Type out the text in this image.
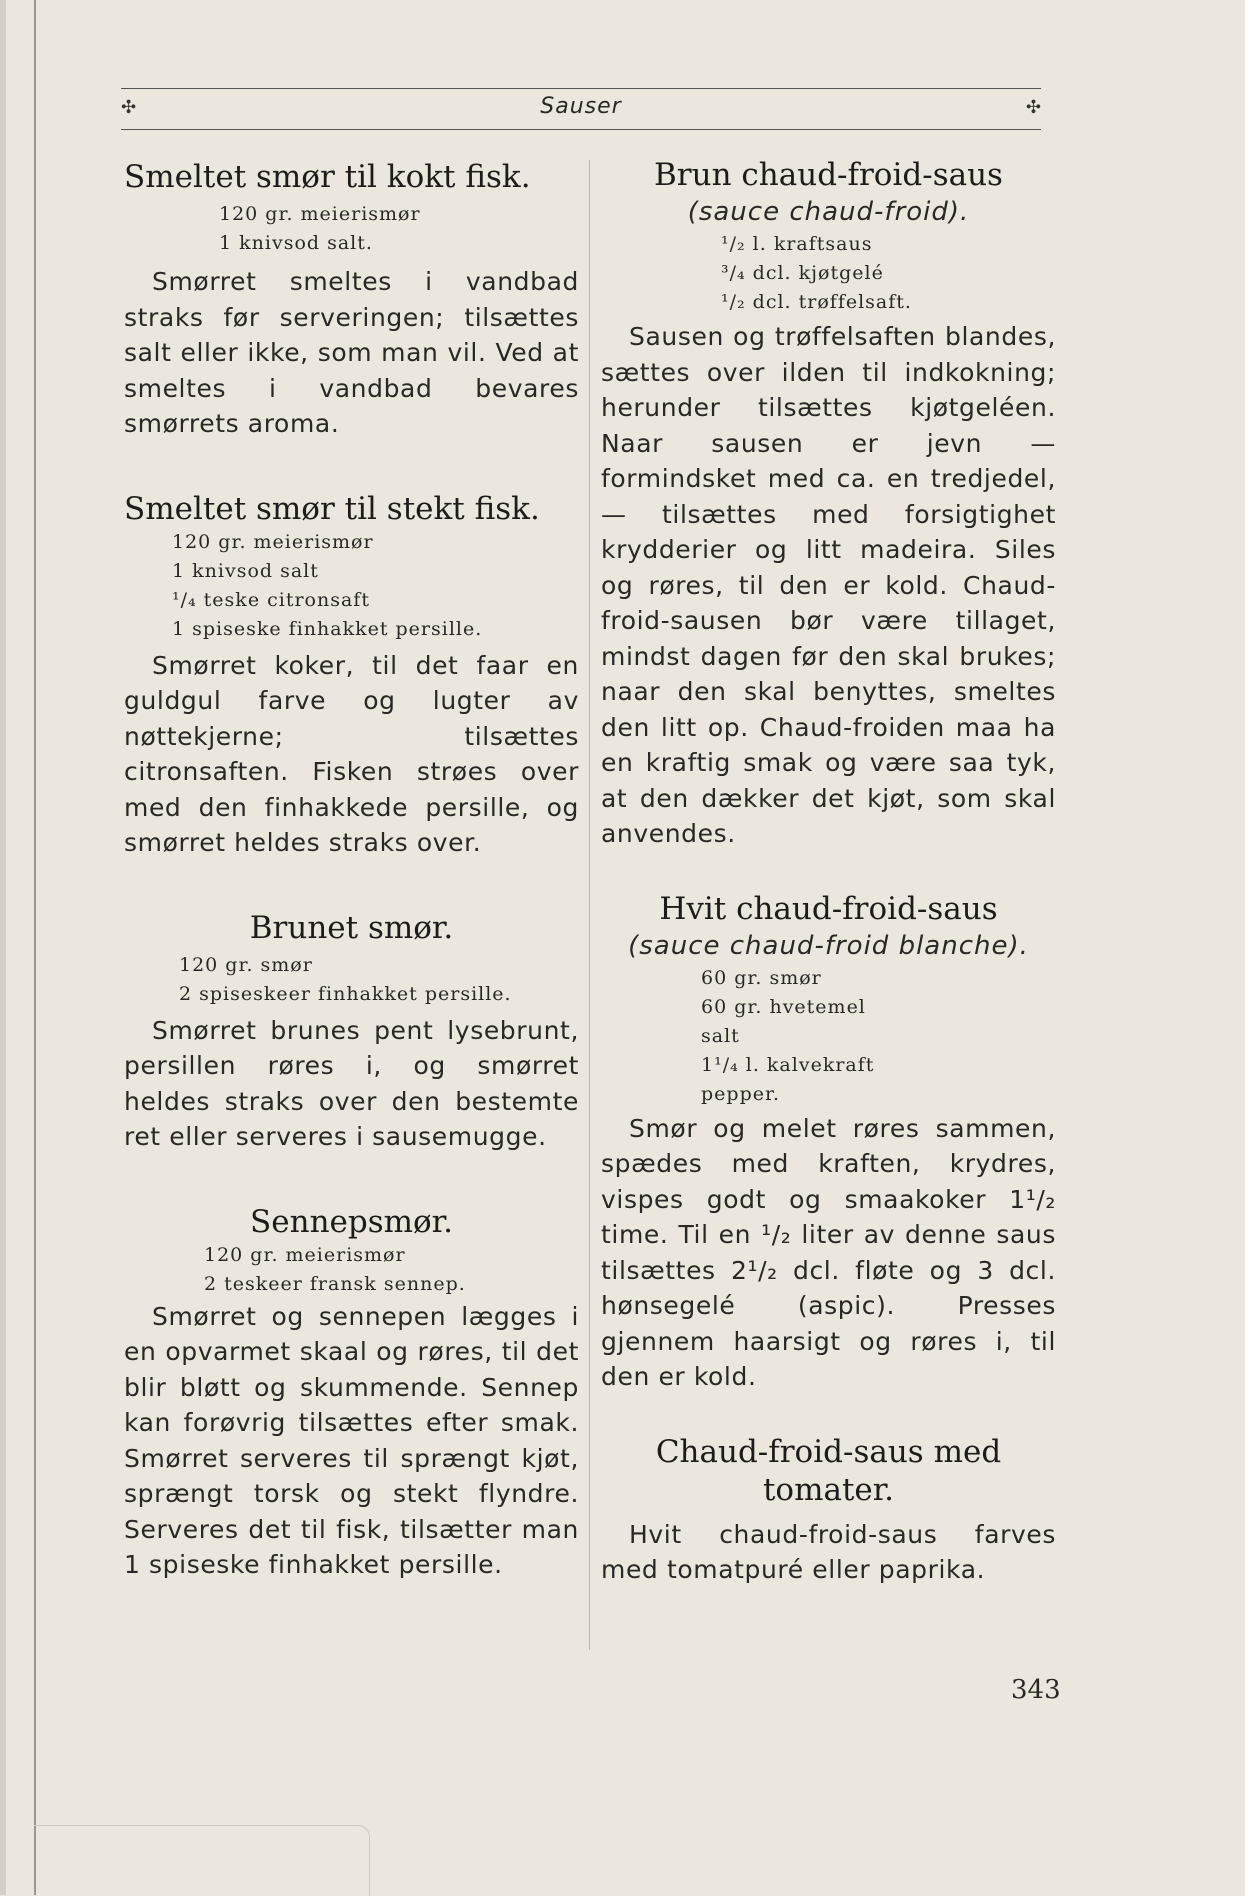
✣	Sauser	✣
Smeltet smør til kokt fisk.
120 gr. meierismør
1 knivsod salt.

Smørret smeltes i vandbad straks før serveringen; tilsættes salt eller ikke, som man vil. Ved at smeltes i vandbad bevares smørrets aroma.

Smeltet smør til stekt fisk.
120 gr. meierismør
1 knivsod salt
¹/₄ teske citronsaft
1 spiseske finhakket persille.

Smørret koker, til det faar en guldgul farve og lugter av nøttekjerne; tilsættes citronsaften. Fisken strøes over med den finhakkede persille, og smørret heldes straks over.

Brunet smør.
120 gr. smør
2 spiseskeer finhakket persille.

Smørret brunes pent lysebrunt, persillen røres i, og smørret heldes straks over den bestemte ret eller serveres i sausemugge.

Sennepsmør.
120 gr. meierismør
2 teskeer fransk sennep.

Smørret og sennepen lægges i en opvarmet skaal og røres, til det blir bløtt og skummende. Sennep kan forøvrig tilsættes efter smak. Smørret serveres til sprængt kjøt, sprængt torsk og stekt flyndre. Serveres det til fisk, tilsætter man 1 spiseske finhakket persille.

Brun chaud-froid-saus
(sauce chaud-froid).
¹/₂ l. kraftsaus
³/₄ dcl. kjøtgelé
¹/₂ dcl. trøffelsaft.

Sausen og trøffelsaften blandes, sættes over ilden til indkokning; herunder tilsættes kjøtgeléen. Naar sausen er jevn — formindsket med ca. en tredjedel, — tilsættes med forsigtighet krydderier og litt madeira. Siles og røres, til den er kold. Chaud-froid-sausen bør være tillaget, mindst dagen før den skal brukes; naar den skal benyttes, smeltes den litt op. Chaud-froiden maa ha en kraftig smak og være saa tyk, at den dækker det kjøt, som skal anvendes.

Hvit chaud-froid-saus
(sauce chaud-froid blanche).
60 gr. smør
60 gr. hvetemel
salt
1¹/₄ l. kalvekraft
pepper.

Smør og melet røres sammen, spædes med kraften, krydres, vispes godt og smaakoker 1¹/₂ time. Til en ¹/₂ liter av denne saus tilsættes 2¹/₂ dcl. fløte og 3 dcl. hønsegelé (aspic). Presses gjennem haarsigt og røres i, til den er kold.

Chaud-froid-saus med tomater.

Hvit chaud-froid-saus farves med tomatpuré eller paprika.

343
